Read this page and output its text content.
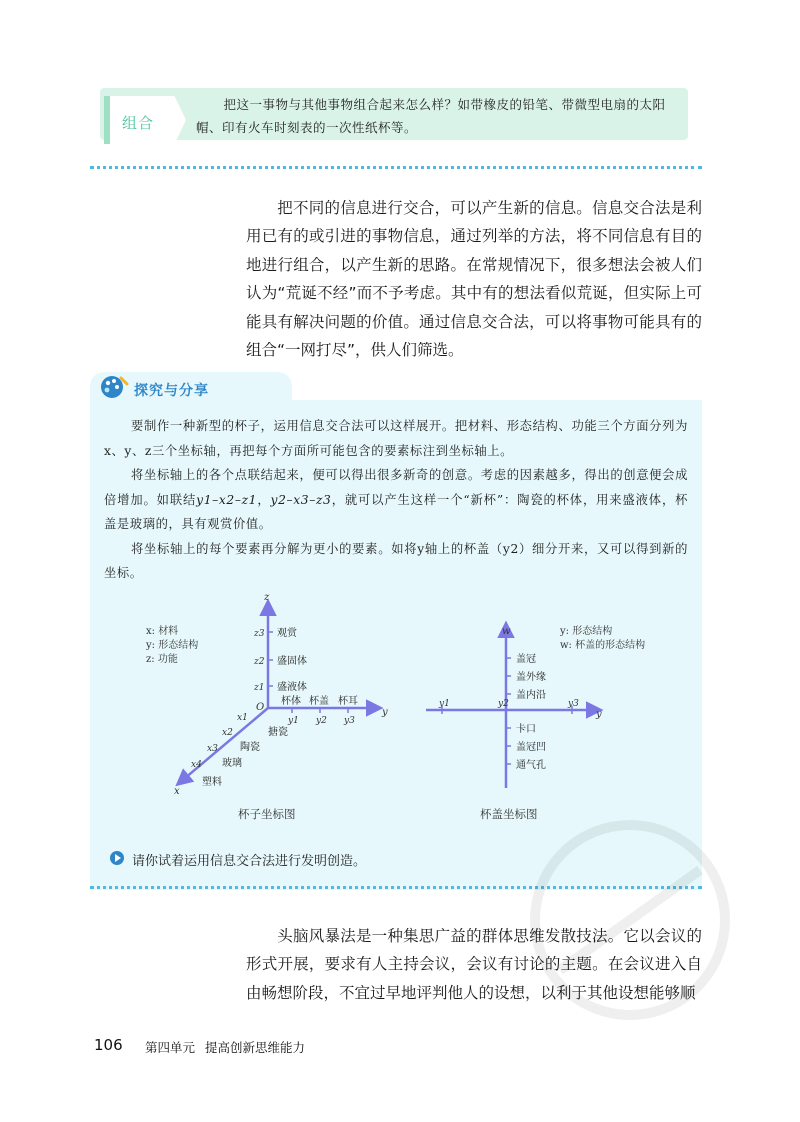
组合
把这一事物与其他事物组合起来怎么样？如带橡皮的铅笔、带微型电扇的太阳帽、印有火车时刻表的一次性纸杯等。
把不同的信息进行交合，可以产生新的信息。信息交合法是利用已有的或引进的事物信息，通过列举的方法，将不同信息有目的地进行组合，以产生新的思路。在常规情况下，很多想法会被人们认为“荒诞不经”而不予考虑。其中有的想法看似荒诞，但实际上可能具有解决问题的价值。通过信息交合法，可以将事物可能具有的组合“一网打尽”，供人们筛选。
探究与分享

要制作一种新型的杯子，运用信息交合法可以这样展开。把材料、形态结构、功能三个方面分列为x、y、z三个坐标轴，再把每个方面所可能包含的要素标注到坐标轴上。

将坐标轴上的各个点联结起来，便可以得出很多新奇的创意。考虑的因素越多，得出的创意便会成倍增加。如联结y1–x2–z1，y2–x3–z3，就可以产生这样一个“新杯”：陶瓷的杯体，用来盛液体，杯盖是玻璃的，具有观赏价值。

将坐标轴上的每个要素再分解为更小的要素。如将y轴上的杯盖（y2）细分开来，又可以得到新的坐标。

x: 材料
y: 形态结构
z: 功能
z
y
x
O
z3 观赏
z2 盛固体
z1 盛液体
杯体 杯盖 杯耳
y1 y2 y3
x1
搪瓷
x2
陶瓷
x3
玻璃
x4
塑料
y: 形态结构
w: 杯盖的形态结构
w
y
y1	y2	y3
盖冠
盖外缘
盖内沿
卡口
盖冠凹
通气孔
杯子坐标图	杯盖坐标图
请你试着运用信息交合法进行发明创造。
头脑风暴法是一种集思广益的群体思维发散技法。它以会议的形式开展，要求有人主持会议，会议有讨论的主题。在会议进入自由畅想阶段，不宜过早地评判他人的设想，以利于其他设想能够顺
106 第四单元 提高创新思维能力
